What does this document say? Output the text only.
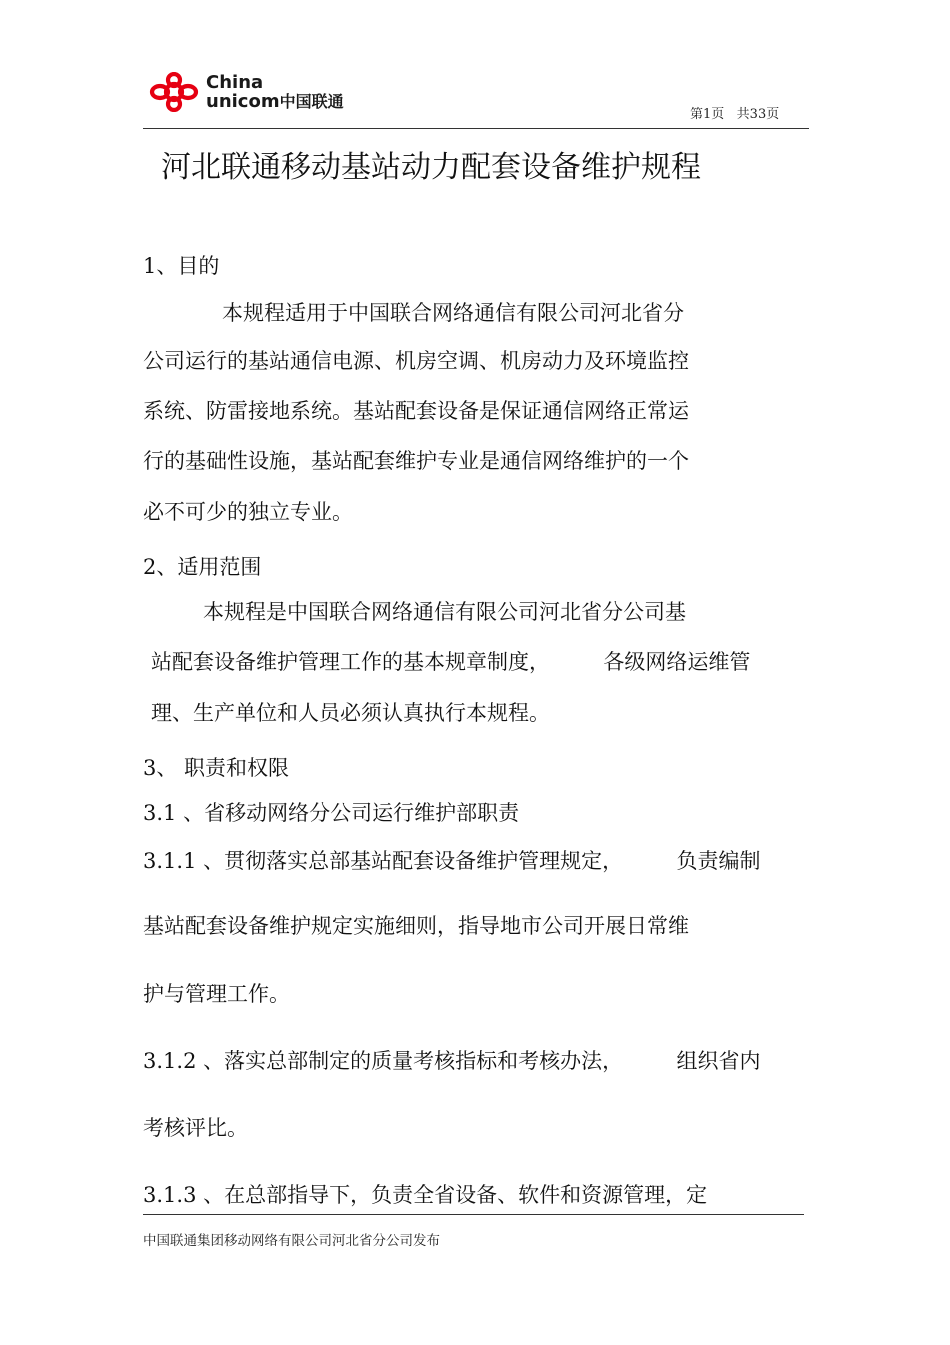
China
unicom中国联通
第1页   共33页
河北联通移动基站动力配套设备维护规程
1、目的
本规程适用于中国联合网络通信有限公司河北省分
公司运行的基站通信电源、机房空调、机房动力及环境监控
系统、防雷接地系统。基站配套设备是保证通信网络正常运
行的基础性设施，基站配套维护专业是通信网络维护的一个
必不可少的独立专业。
2、适用范围
本规程是中国联合网络通信有限公司河北省分公司基
站配套设备维护管理工作的基本规章制度，        各级网络运维管
理、生产单位和人员必须认真执行本规程。
3、 职责和权限
3.1 、省移动网络分公司运行维护部职责
3.1.1 、贯彻落实总部基站配套设备维护管理规定，        负责编制
基站配套设备维护规定实施细则，指导地市公司开展日常维
护与管理工作。
3.1.2 、落实总部制定的质量考核指标和考核办法，        组织省内
考核评比。
3.1.3 、在总部指导下，负责全省设备、软件和资源管理，定
中国联通集团移动网络有限公司河北省分公司发布
